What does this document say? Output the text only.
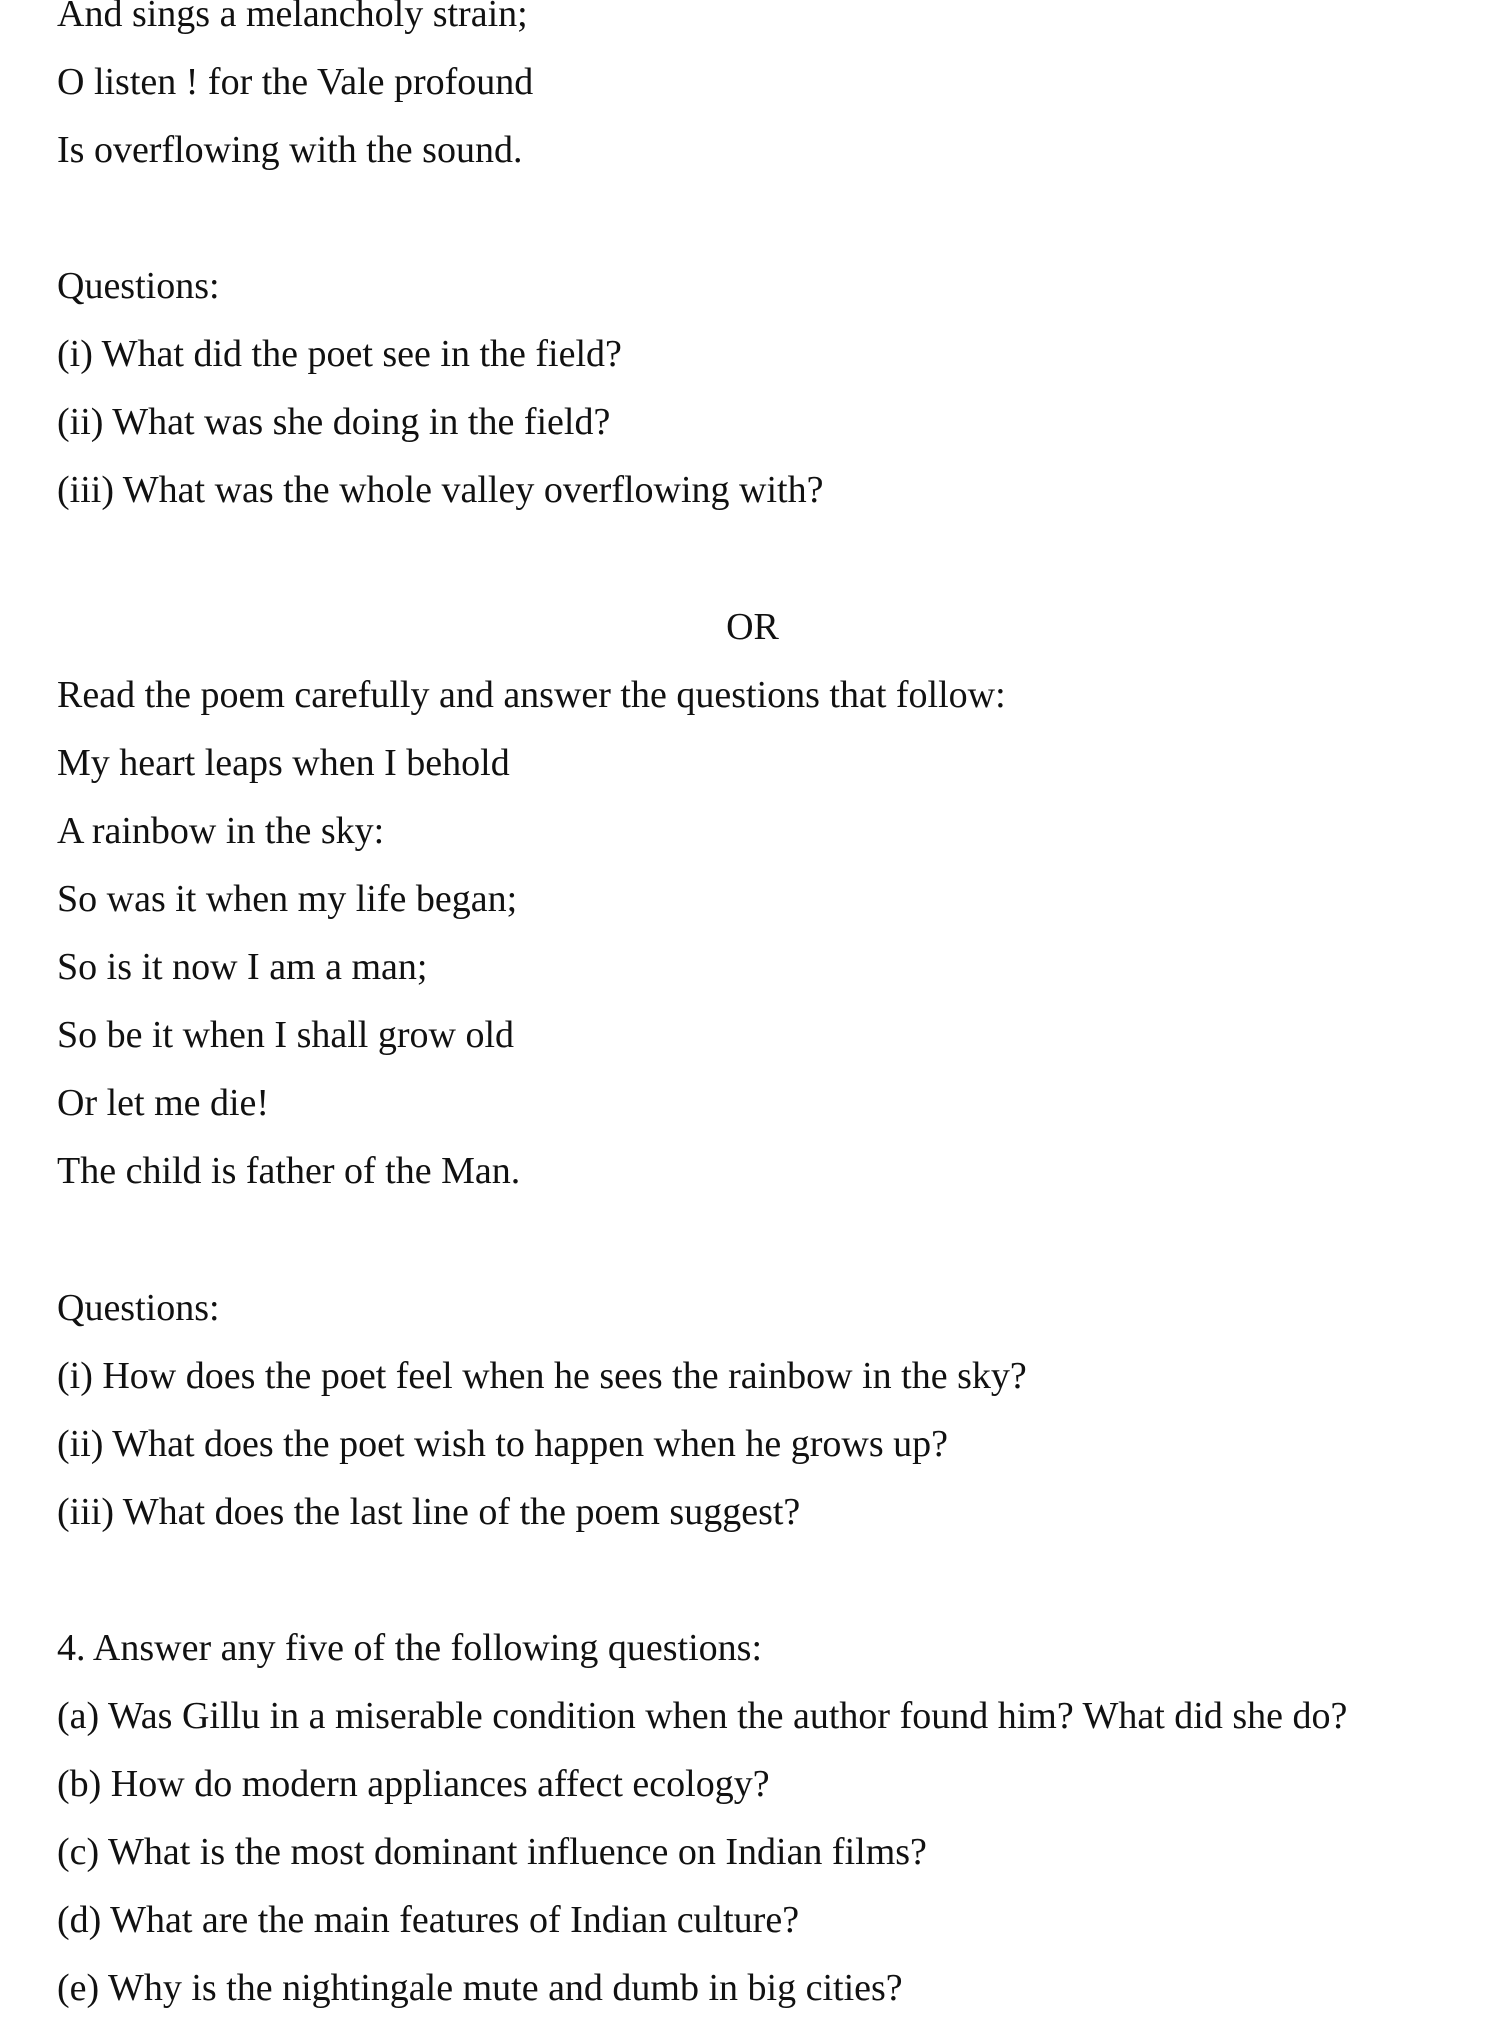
And sings a melancholy strain;
O listen ! for the Vale profound
Is overflowing with the sound.
Questions:
(i) What did the poet see in the field?
(ii) What was she doing in the field?
(iii) What was the whole valley overflowing with?
OR
Read the poem carefully and answer the questions that follow:
My heart leaps when I behold
A rainbow in the sky:
So was it when my life began;
So is it now I am a man;
So be it when I shall grow old
Or let me die!
The child is father of the Man.
Questions:
(i) How does the poet feel when he sees the rainbow in the sky?
(ii) What does the poet wish to happen when he grows up?
(iii) What does the last line of the poem suggest?
4. Answer any five of the following questions:
(a) Was Gillu in a miserable condition when the author found him? What did she do?
(b) How do modern appliances affect ecology?
(c) What is the most dominant influence on Indian films?
(d) What are the main features of Indian culture?
(e) Why is the nightingale mute and dumb in big cities?
